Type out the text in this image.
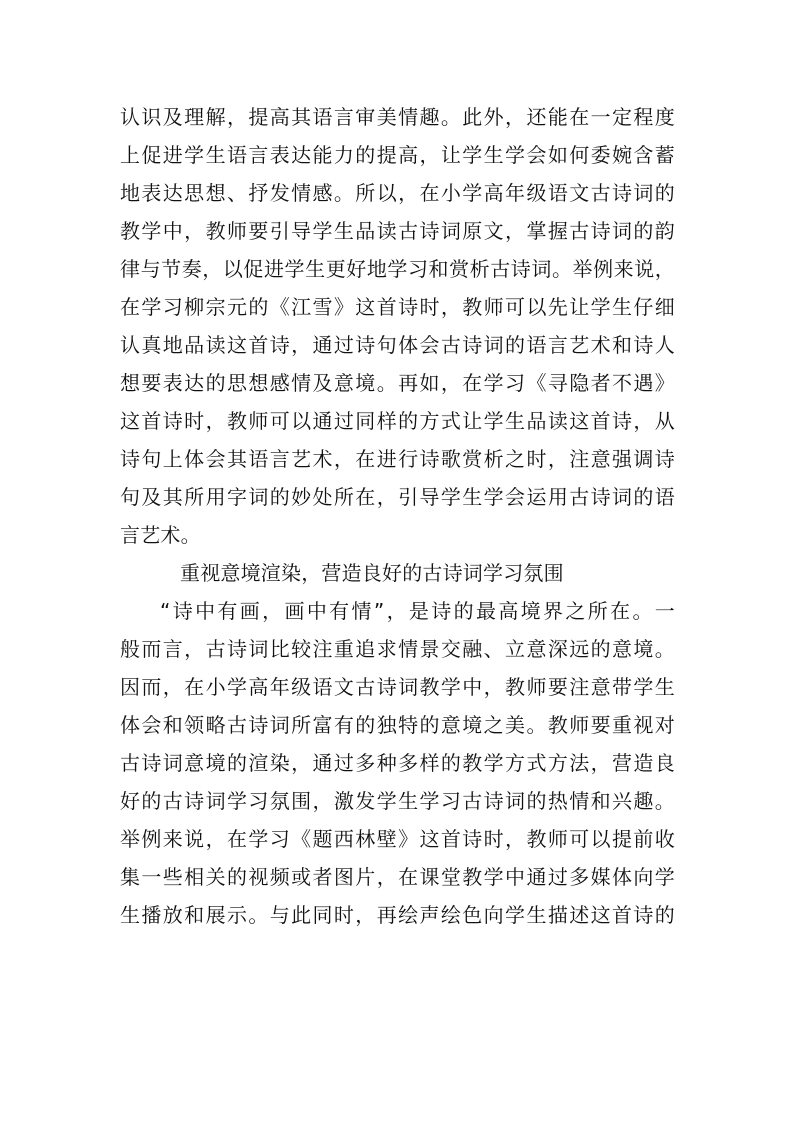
认识及理解，提高其语言审美情趣。此外，还能在一定程度
上促进学生语言表达能力的提高，让学生学会如何委婉含蓄
地表达思想、抒发情感。所以，在小学高年级语文古诗词的
教学中，教师要引导学生品读古诗词原文，掌握古诗词的韵
律与节奏，以促进学生更好地学习和赏析古诗词。举例来说，
在学习柳宗元的《江雪》这首诗时，教师可以先让学生仔细
认真地品读这首诗，通过诗句体会古诗词的语言艺术和诗人
想要表达的思想感情及意境。再如，在学习《寻隐者不遇》
这首诗时，教师可以通过同样的方式让学生品读这首诗，从
诗句上体会其语言艺术，在进行诗歌赏析之时，注意强调诗
句及其所用字词的妙处所在，引导学生学会运用古诗词的语
言艺术。
重视意境渲染，营造良好的古诗词学习氛围
“诗中有画，画中有情”，是诗的最高境界之所在。一
般而言，古诗词比较注重追求情景交融、立意深远的意境。
因而，在小学高年级语文古诗词教学中，教师要注意带学生
体会和领略古诗词所富有的独特的意境之美。教师要重视对
古诗词意境的渲染，通过多种多样的教学方式方法，营造良
好的古诗词学习氛围，激发学生学习古诗词的热情和兴趣。
举例来说，在学习《题西林壁》这首诗时，教师可以提前收
集一些相关的视频或者图片，在课堂教学中通过多媒体向学
生播放和展示。与此同时，再绘声绘色向学生描述这首诗的
